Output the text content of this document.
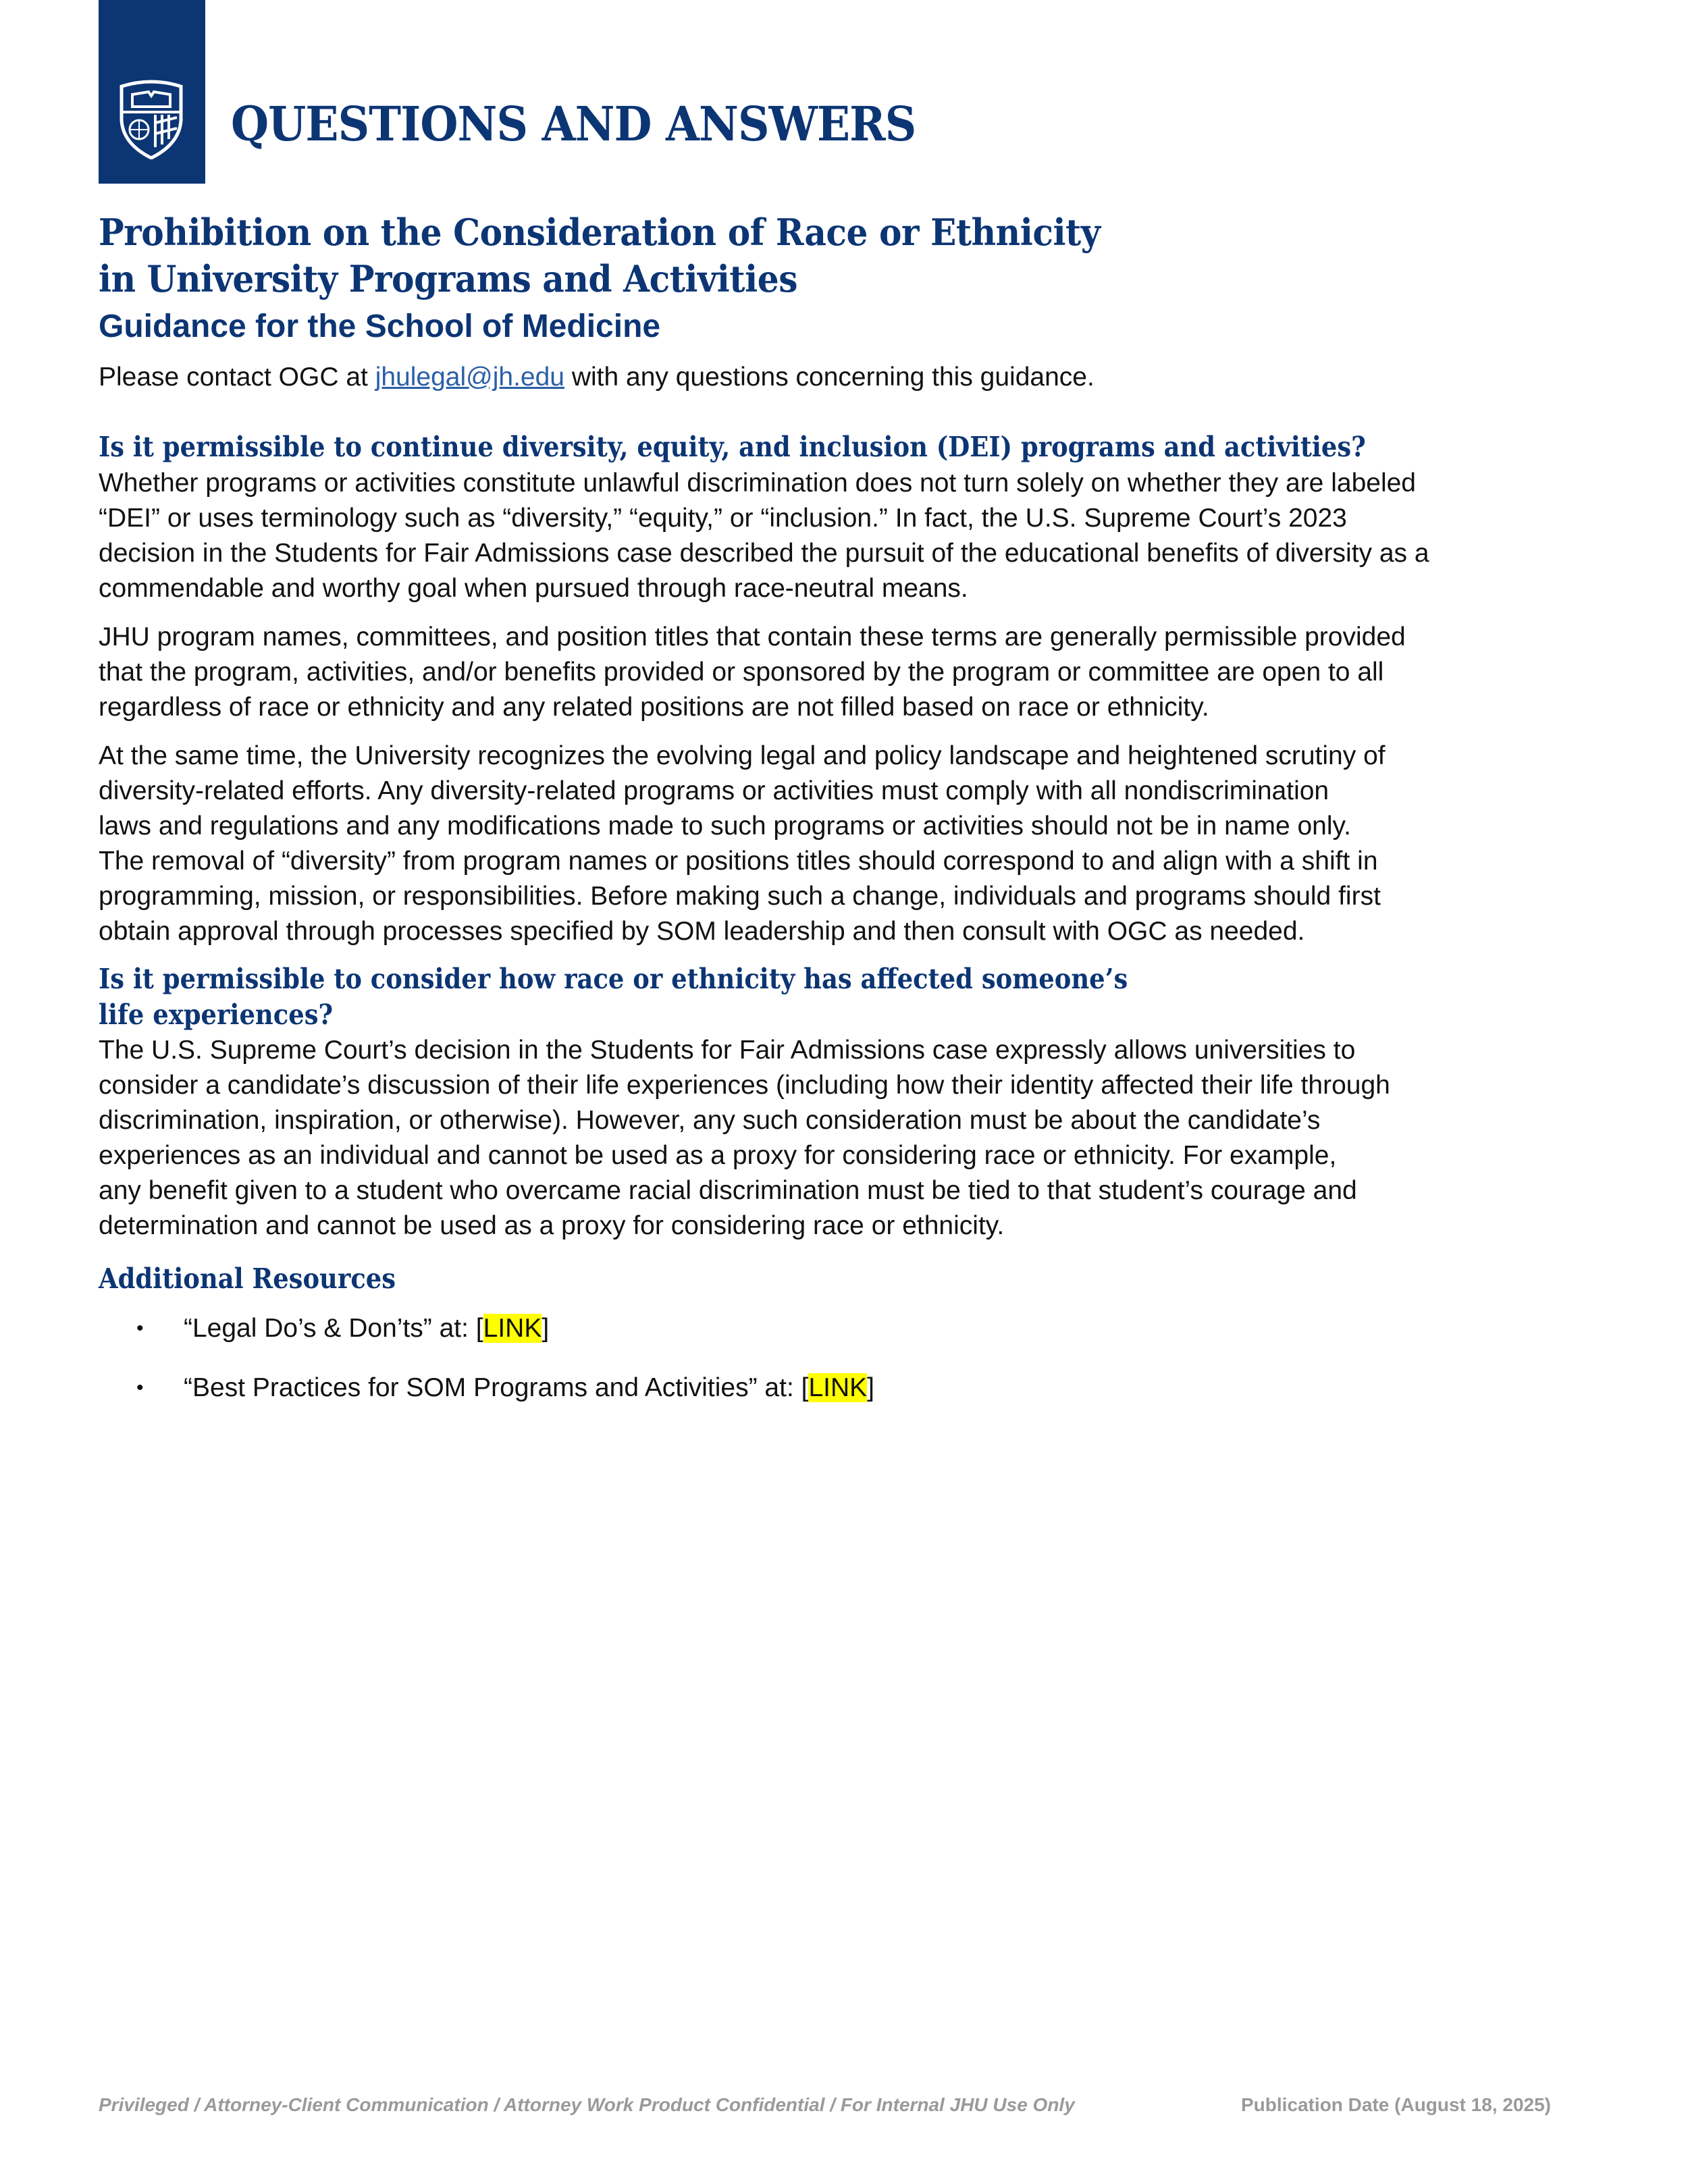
QUESTIONS AND ANSWERS
Prohibition on the Consideration of Race or Ethnicity
in University Programs and Activities
Guidance for the School of Medicine
Please contact OGC at jhulegal@jh.edu with any questions concerning this guidance.
Is it permissible to continue diversity, equity, and inclusion (DEI) programs and activities?
Whether programs or activities constitute unlawful discrimination does not turn solely on whether they are labeled
“DEI” or uses terminology such as “diversity,” “equity,” or “inclusion.” In fact, the U.S. Supreme Court’s 2023
decision in the Students for Fair Admissions case described the pursuit of the educational benefits of diversity as a
commendable and worthy goal when pursued through race-neutral means.
JHU program names, committees, and position titles that contain these terms are generally permissible provided
that the program, activities, and/or benefits provided or sponsored by the program or committee are open to all
regardless of race or ethnicity and any related positions are not filled based on race or ethnicity.
At the same time, the University recognizes the evolving legal and policy landscape and heightened scrutiny of
diversity-related efforts. Any diversity-related programs or activities must comply with all nondiscrimination
laws and regulations and any modifications made to such programs or activities should not be in name only.
The removal of “diversity” from program names or positions titles should correspond to and align with a shift in
programming, mission, or responsibilities. Before making such a change, individuals and programs should first
obtain approval through processes specified by SOM leadership and then consult with OGC as needed.
Is it permissible to consider how race or ethnicity has affected someone’s
life experiences?
The U.S. Supreme Court’s decision in the Students for Fair Admissions case expressly allows universities to
consider a candidate’s discussion of their life experiences (including how their identity affected their life through
discrimination, inspiration, or otherwise). However, any such consideration must be about the candidate’s
experiences as an individual and cannot be used as a proxy for considering race or ethnicity. For example,
any benefit given to a student who overcame racial discrimination must be tied to that student’s courage and
determination and cannot be used as a proxy for considering race or ethnicity.
Additional Resources
• “Legal Do’s & Don’ts” at: [LINK]
• “Best Practices for SOM Programs and Activities” at: [LINK]
Privileged / Attorney-Client Communication / Attorney Work Product Confidential / For Internal JHU Use Only	Publication Date (August 18, 2025)
